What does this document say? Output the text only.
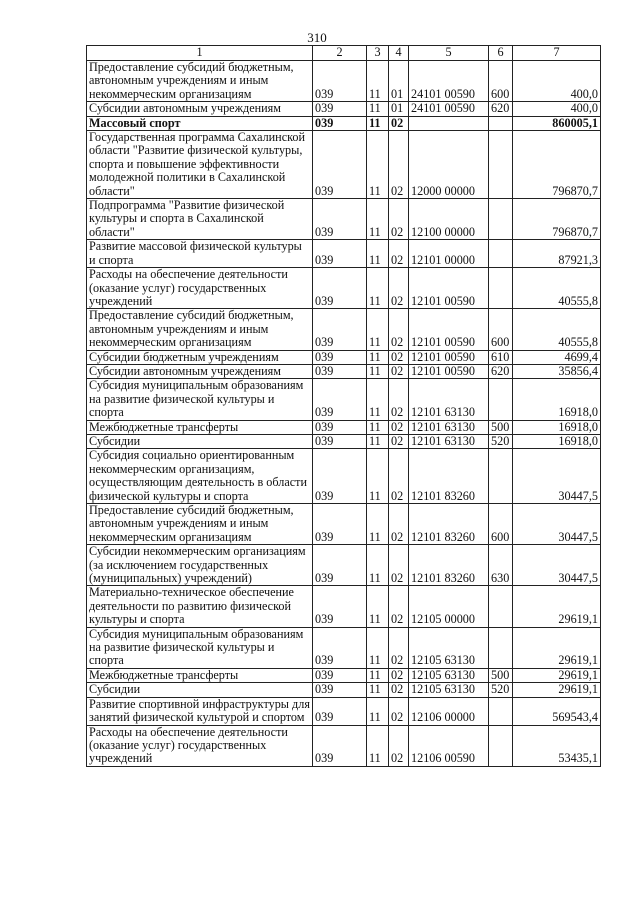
310
1	2	3	4	5	6	7
Предоставление субсидий бюджетным, автономным учреждениям и иным некоммерческим организациям	039	11	01	24101 00590	600	400,0
Субсидии автономным учреждениям	039	11	01	24101 00590	620	400,0
Массовый спорт	039	11	02			860005,1
Государственная программа Сахалинской области "Развитие физической культуры, спорта и повышение эффективности молодежной политики в Сахалинской области"	039	11	02	12000 00000		796870,7
Подпрограмма "Развитие физической культуры и спорта в Сахалинской области"	039	11	02	12100 00000		796870,7
Развитие массовой физической культуры и спорта	039	11	02	12101 00000		87921,3
Расходы на обеспечение деятельности (оказание услуг) государственных учреждений	039	11	02	12101 00590		40555,8
Предоставление субсидий бюджетным, автономным учреждениям и иным некоммерческим организациям	039	11	02	12101 00590	600	40555,8
Субсидии бюджетным учреждениям	039	11	02	12101 00590	610	4699,4
Субсидии автономным учреждениям	039	11	02	12101 00590	620	35856,4
Субсидия муниципальным образованиям на развитие физической культуры и спорта	039	11	02	12101 63130		16918,0
Межбюджетные трансферты	039	11	02	12101 63130	500	16918,0
Субсидии	039	11	02	12101 63130	520	16918,0
Субсидия социально ориентированным некоммерческим организациям, осуществляющим деятельность в области физической культуры и спорта	039	11	02	12101 83260		30447,5
Предоставление субсидий бюджетным, автономным учреждениям и иным некоммерческим организациям	039	11	02	12101 83260	600	30447,5
Субсидии некоммерческим организациям (за исключением государственных (муниципальных) учреждений)	039	11	02	12101 83260	630	30447,5
Материально-техническое обеспечение деятельности по развитию физической культуры и спорта	039	11	02	12105 00000		29619,1
Субсидия муниципальным образованиям на развитие физической культуры и спорта	039	11	02	12105 63130		29619,1
Межбюджетные трансферты	039	11	02	12105 63130	500	29619,1
Субсидии	039	11	02	12105 63130	520	29619,1
Развитие спортивной инфраструктуры для занятий физической культурой и спортом	039	11	02	12106 00000		569543,4
Расходы на обеспечение деятельности (оказание услуг) государственных учреждений	039	11	02	12106 00590		53435,1
